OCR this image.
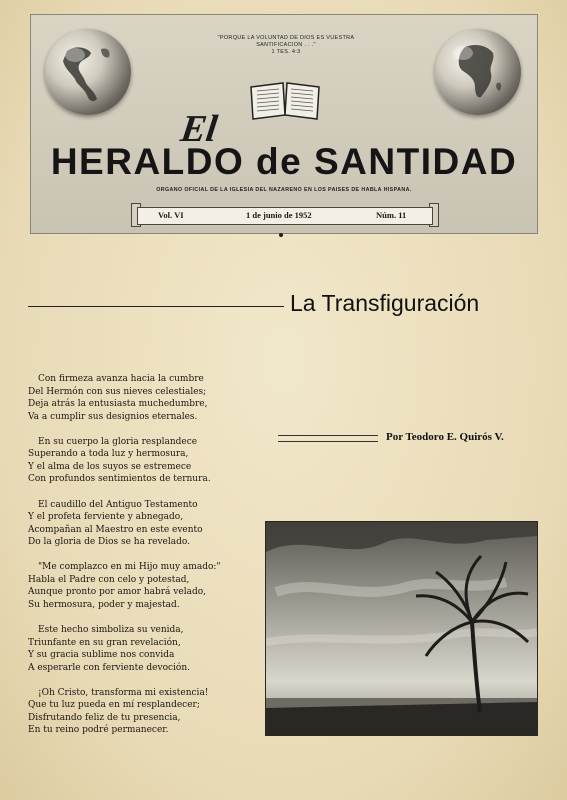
"PORQUE LA VOLUNTAD DE DIOS ES VUESTRA
SANTIFICACION . . ."
1 TES. 4:3
El
HERALDO de SANTIDAD
ORGANO OFICIAL DE LA IGLESIA DEL NAZARENO EN LOS PAISES DE HABLA HISPANA.
Vol. VI	1 de junio de 1952	Núm. 11
La Transfiguración
Con firmeza avanza hacia la cumbre
Del Hermón con sus nieves celestiales;
Deja atrás la entusiasta muchedumbre,
Va a cumplir sus designios eternales.
En su cuerpo la gloria resplandece
Superando a toda luz y hermosura,
Y el alma de los suyos se estremece
Con profundos sentimientos de ternura.
El caudillo del Antiguo Testamento
Y el profeta ferviente y abnegado,
Acompañan al Maestro en este evento
Do la gloria de Dios se ha revelado.
"Me complazco en mi Hijo muy amado:"
Habla el Padre con celo y potestad,
Aunque pronto por amor habrá velado,
Su hermosura, poder y majestad.
Este hecho simboliza su venida,
Triunfante en su gran revelación,
Y su gracia sublime nos convida
A esperarle con ferviente devoción.
¡Oh Cristo, transforma mi existencia!
Que tu luz pueda en mí resplandecer;
Disfrutando feliz de tu presencia,
En tu reino podré permanecer.
Por Teodoro E. Quirós V.
